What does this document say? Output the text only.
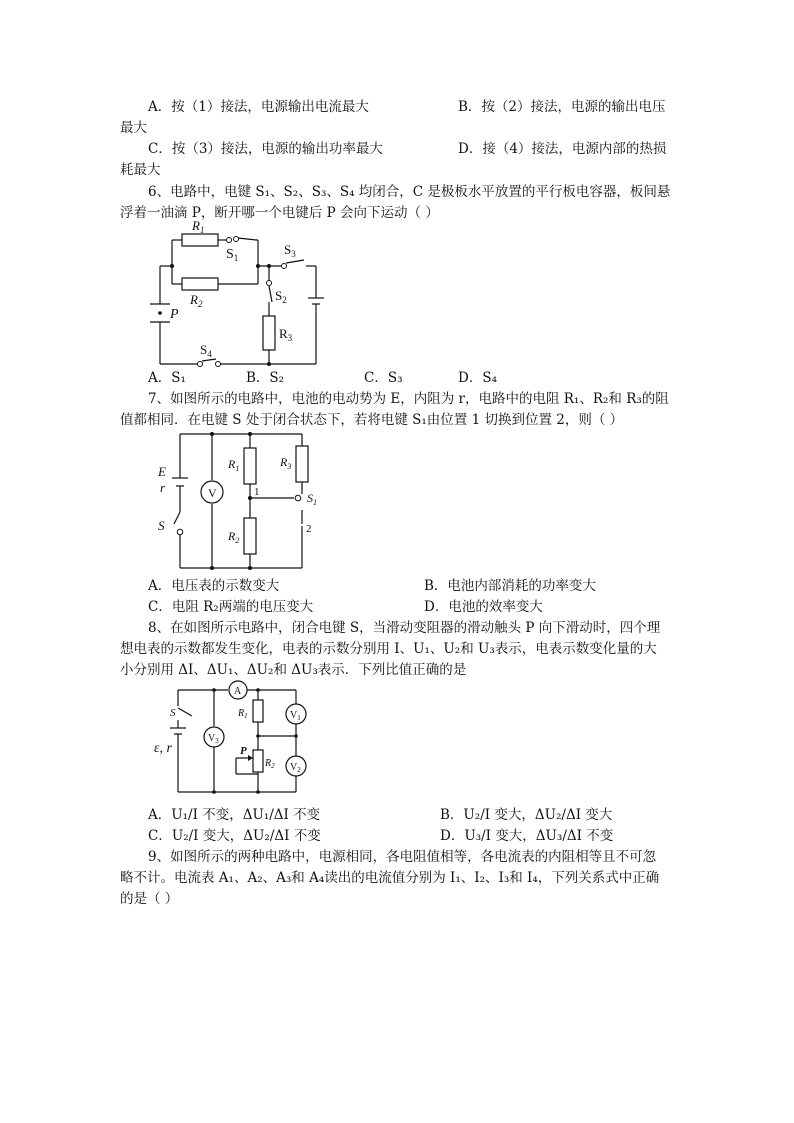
A．按（1）接法，电源输出电流最大	B．按（2）接法，电源的输出电压
最大
C．按（3）接法，电源的输出功率最大	D．接（4）接法，电源内部的热损
耗最大
6、电路中，电键 S₁、S₂、S₃、S₄ 均闭合，C 是极板水平放置的平行板电容器，板间悬
浮着一油滴 P，断开哪一个电键后 P 会向下运动（ ）
$R_1$
$S_1$
$S_3$
$R_2$
$S_2$
$R_3$
$S_4$
P
A．S₁	B．S₂	C．S₃	D．S₄
7、如图所示的电路中，电池的电动势为 E，内阻为 r，电路中的电阻 R₁、R₂和 R₃的阻
值都相同．在电键 S 处于闭合状态下，若将电键 S₁由位置 1 切换到位置 2，则（ ）
V
E
r
S
$R_1$
$R_2$
$R_3$
$S_1$
1
2
A．电压表的示数变大	B．电池内部消耗的功率变大
C．电阻 R₂两端的电压变大	D．电池的效率变大
8、在如图所示电路中，闭合电键 S，当滑动变阻器的滑动触头 P 向下滑动时，四个理
想电表的示数都发生变化，电表的示数分别用 I、U₁、U₂和 U₃表示，电表示数变化量的大
小分别用 ΔI、ΔU₁、ΔU₂和 ΔU₃表示．下列比值正确的是
A
S
ε, r
$R_1$
$R_2$
P
$V_3$
$V_1$
$V_2$
A．U₁/I 不变，ΔU₁/ΔI 不变	B．U₂/I 变大，ΔU₂/ΔI 变大
C．U₂/I 变大，ΔU₂/ΔI 不变	D．U₃/I 变大，ΔU₃/ΔI 不变
9、如图所示的两种电路中，电源相同，各电阻值相等，各电流表的内阻相等且不可忽
略不计。电流表 A₁、A₂、A₃和 A₄读出的电流值分别为 I₁、I₂、I₃和 I₄，下列关系式中正确
的是（ ）
